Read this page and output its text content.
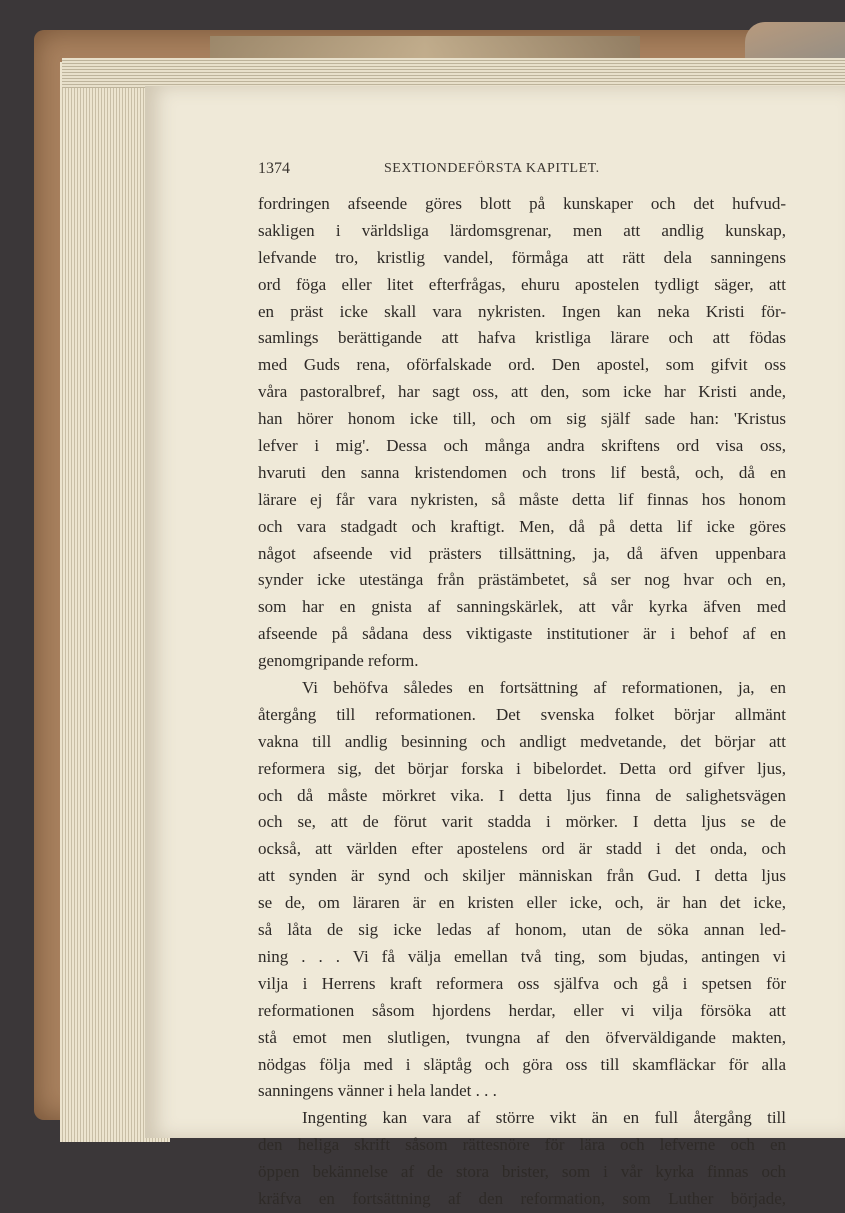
1374	SEXTIONDEFÖRSTA KAPITLET.
fordringen afseende göres blott på kunskaper och det hufvud-
sakligen i världsliga lärdomsgrenar, men att andlig kunskap,
lefvande tro, kristlig vandel, förmåga att rätt dela sanningens
ord föga eller litet efterfrågas, ehuru apostelen tydligt säger, att
en präst icke skall vara nykristen. Ingen kan neka Kristi för-
samlings berättigande att hafva kristliga lärare och att födas
med Guds rena, oförfalskade ord. Den apostel, som gifvit oss
våra pastoralbref, har sagt oss, att den, som icke har Kristi ande,
han hörer honom icke till, och om sig själf sade han: 'Kristus
lefver i mig'. Dessa och många andra skriftens ord visa oss,
hvaruti den sanna kristendomen och trons lif bestå, och, då en
lärare ej får vara nykristen, så måste detta lif finnas hos honom
och vara stadgadt och kraftigt. Men, då på detta lif icke göres
något afseende vid prästers tillsättning, ja, då äfven uppenbara
synder icke utestänga från prästämbetet, så ser nog hvar och en,
som har en gnista af sanningskärlek, att vår kyrka äfven med
afseende på sådana dess viktigaste institutioner är i behof af en
genomgripande reform.
Vi behöfva således en fortsättning af reformationen, ja, en
återgång till reformationen. Det svenska folket börjar allmänt
vakna till andlig besinning och andligt medvetande, det börjar att
reformera sig, det börjar forska i bibelordet. Detta ord gifver ljus,
och då måste mörkret vika. I detta ljus finna de salighetsvägen
och se, att de förut varit stadda i mörker. I detta ljus se de
också, att världen efter apostelens ord är stadd i det onda, och
att synden är synd och skiljer människan från Gud. I detta ljus
se de, om läraren är en kristen eller icke, och, är han det icke,
så låta de sig icke ledas af honom, utan de söka annan led-
ning . . . Vi få välja emellan två ting, som bjudas, antingen vi
vilja i Herrens kraft reformera oss själfva och gå i spetsen för
reformationen såsom hjordens herdar, eller vi vilja försöka att
stå emot men slutligen, tvungna af den öfverväldigande makten,
nödgas följa med i släptåg och göra oss till skamfläckar för alla
sanningens vänner i hela landet . . .
Ingenting kan vara af större vikt än en full återgång till
den heliga skrift såsom rättesnöre för lära och lefverne och en
öppen bekännelse af de stora brister, som i vår kyrka finnas och
kräfva en fortsättning af den reformation, som Luther började,
